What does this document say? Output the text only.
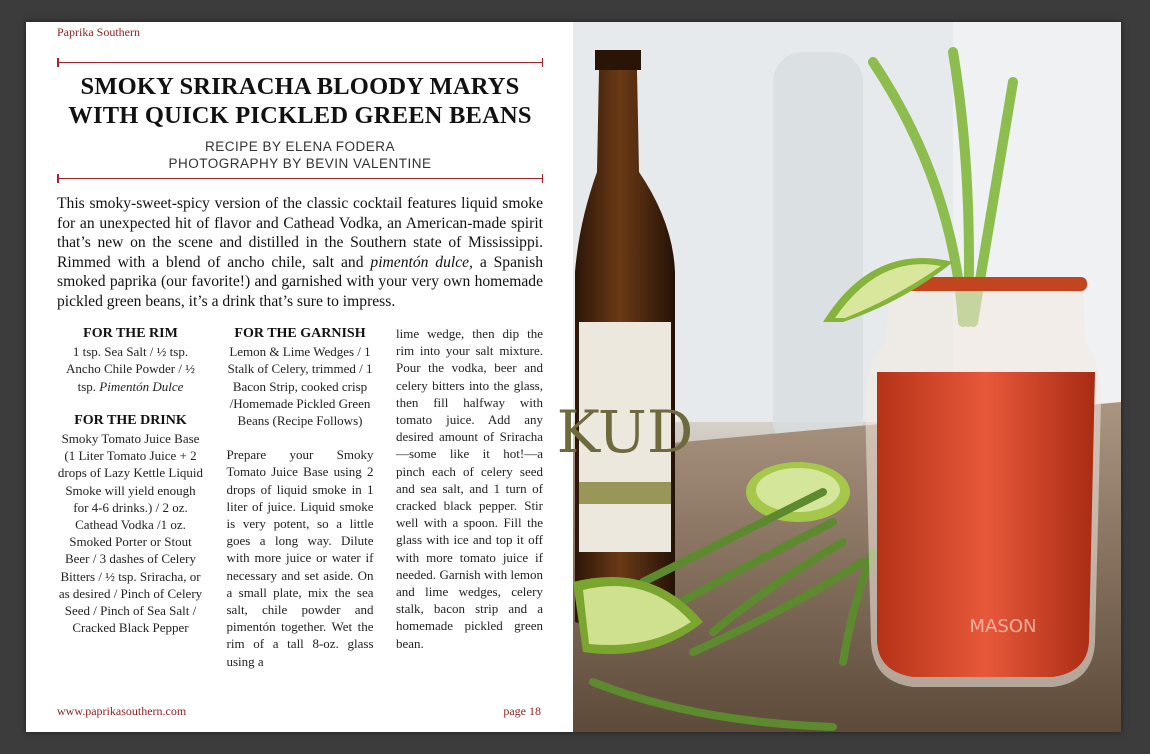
Paprika Southern
SMOKY SRIRACHA BLOODY MARYS
WITH QUICK PICKLED GREEN BEANS
RECIPE BY ELENA FODERA
PHOTOGRAPHY BY BEVIN VALENTINE

This smoky-sweet-spicy version of the classic cocktail features liquid smoke for an unexpected hit of flavor and Cathead Vodka, an American-made spirit that’s new on the scene and distilled in the Southern state of Mississippi. Rimmed with a blend of ancho chile, salt and pimentón dulce, a Spanish smoked paprika (our favorite!) and garnished with your very own homemade pickled green beans, it’s a drink that’s sure to impress.

FOR THE RIM
1 tsp. Sea Salt / ½ tsp. Ancho Chile Powder / ½ tsp. Pimentón Dulce
FOR THE DRINK
Smoky Tomato Juice Base (1 Liter Tomato Juice + 2 drops of Lazy Kettle Liquid Smoke will yield enough for 4-6 drinks.) / 2 oz. Cathead Vodka /1 oz. Smoked Porter or Stout Beer / 3 dashes of Celery Bitters / ½ tsp. Sriracha, or as desired / Pinch of Celery Seed / Pinch of Sea Salt / Cracked Black Pepper
FOR THE GARNISH
Lemon & Lime Wedges / 1 Stalk of Celery, trimmed / 1 Bacon Strip, cooked crisp /Homemade Pickled Green Beans (Recipe Follows)
Prepare your Smoky Tomato Juice Base using 2 drops of liquid smoke in 1 liter of juice. Liquid smoke is very potent, so a little goes a long way. Dilute with more juice or water if necessary and set aside. On a small plate, mix the sea salt, chile powder and pimentón together. Wet the rim of a tall 8-oz. glass using a
lime wedge, then dip the rim into your salt mixture. Pour the vodka, beer and celery bitters into the glass, then fill halfway with tomato juice. Add any desired amount of Sriracha—some like it hot!—a pinch each of celery seed and sea salt, and 1 turn of cracked black pepper. Stir well with a spoon. Fill the glass with ice and top it off with more tomato juice if needed. Garnish with lemon and lime wedges, celery stalk, bacon strip and a homemade pickled green bean.
www.paprikasouthern.com	page 18
KUD
MASON
